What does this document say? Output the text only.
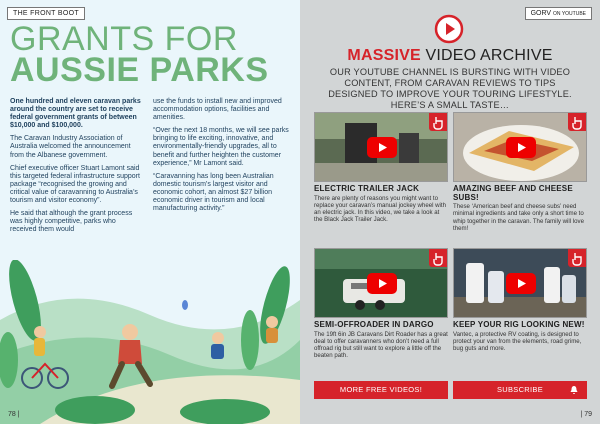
THE FRONT BOOT
GRANTS FOR
AUSSIE PARKS

One hundred and eleven caravan parks around the country are set to receive federal government grants of between $10,000 and $100,000.

The Caravan Industry Association of Australia welcomed the announcement from the Albanese government.

Chief executive officer Stuart Lamont said this targeted federal infrastructure support package “recognised the growing and critical value of caravanning to Australia’s tourism and visitor economy”.

He said that although the grant process was highly competitive, parks who received them would

use the funds to install new and improved accommodation options, facilities and amenities.

“Over the next 18 months, we will see parks bringing to life exciting, innovative, and environmentally-friendly upgrades, all to benefit and further heighten the customer experience,” Mr Lamont said.

“Caravanning has long been Australian domestic tourism’s largest visitor and economic cohort, an almost $27 billion economic driver in tourism and local manufacturing activity.”

78 |
GORV ON YOUTUBE
MASSIVE VIDEO ARCHIVE
OUR YOUTUBE CHANNEL IS BURSTING WITH VIDEO CONTENT, FROM CARAVAN REVIEWS TO TIPS DESIGNED TO IMPROVE YOUR TOURING LIFESTYLE. HERE’S A SMALL TASTE…
ELECTRIC TRAILER JACK

There are plenty of reasons you might want to replace your caravan’s manual jockey wheel with an electric jack. In this video, we take a look at the Black Jack Trailer Jack.

AMAZING BEEF AND CHEESE SUBS!

These ‘American beef and cheese subs’ need minimal ingredients and take only a short time to whip together in the caravan. The family will love them!

SEMI-OFFROADER IN DARGO

The 19ft 6in JB Caravans Dirt Roader has a great deal to offer caravanners who don’t need a full offroad rig but still want to explore a little off the beaten path.

KEEP YOUR RIG LOOKING NEW!

Vantec, a protective RV coating, is designed to protect your van from the elements, road grime, bug guts and more.

MORE FREE VIDEOS!	SUBSCRIBE
| 79
